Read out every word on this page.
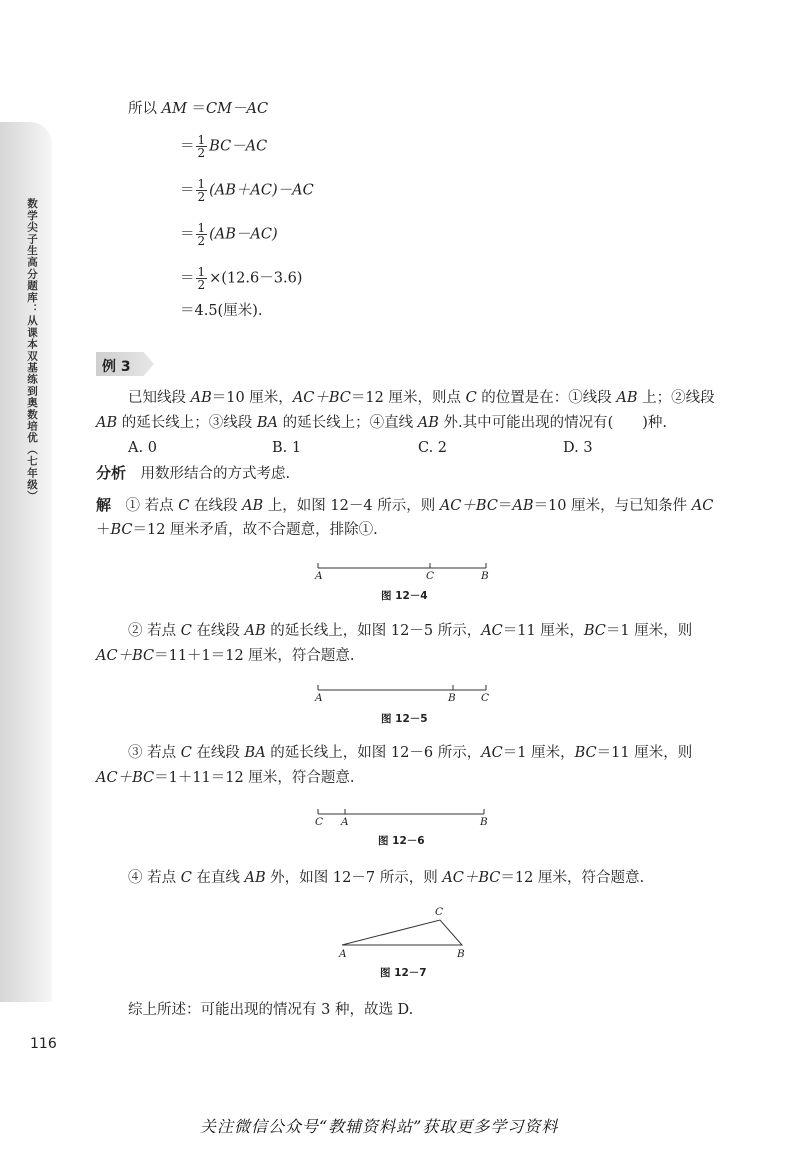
数学尖子生高分题库：从课本双基练到奥数培优（七年级）
116
所以 AM ＝CM－AC
＝ $\frac{1}{2} BC-AC$
＝ $\frac{1}{2} (AB+AC)-AC$
＝ $\frac{1}{2} (AB-AC)$
＝ $\frac{1}{2} \times(12.6-3.6)$
＝4.5(厘米).
例 3
已知线段 AB＝10 厘米，AC＋BC＝12 厘米，则点 C 的位置是在：①线段 AB 上；②线段
AB 的延长线上；③线段 BA 的延长线上；④直线 AB 外.其中可能出现的情况有(　　)种.
A. 0	B. 1	C. 2	D. 3
分析　 用数形结合的方式考虑.
解　 ① 若点 C 在线段 AB 上，如图 12－4 所示，则 AC＋BC＝AB＝10 厘米，与已知条件 AC
＋BC＝12 厘米矛盾，故不合题意，排除①.
A	C	B
图 12－4
② 若点 C 在线段 AB 的延长线上，如图 12－5 所示，AC＝11 厘米，BC＝1 厘米，则
AC＋BC＝11＋1＝12 厘米，符合题意.
A	B C
图 12－5
③ 若点 C 在线段 BA 的延长线上，如图 12－6 所示，AC＝1 厘米，BC＝11 厘米，则
AC＋BC＝1＋11＝12 厘米，符合题意.
C A	B
图 12－6
④ 若点 C 在直线 AB 外，如图 12－7 所示，则 AC＋BC＝12 厘米，符合题意.
A
C
B
图 12－7
综上所述：可能出现的情况有 3 种，故选 D.
关注微信公众号“教辅资料站”获取更多学习资料
